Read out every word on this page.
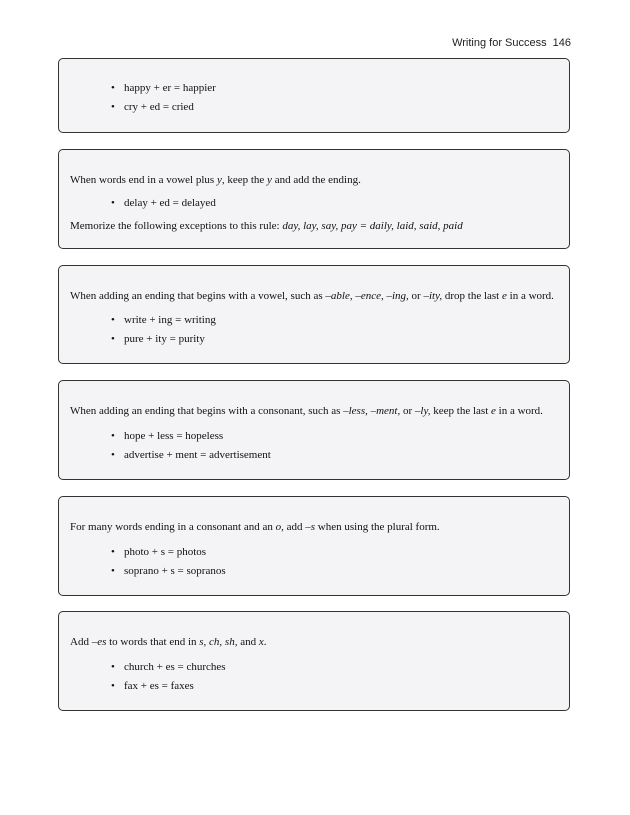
Writing for Success 146
• happy + er = happier
• cry + ed = cried

When words end in a vowel plus y, keep the y and add the ending.

• delay + ed = delayed

Memorize the following exceptions to this rule: day, lay, say, pay = daily, laid, said, paid

When adding an ending that begins with a vowel, such as –able, –ence, –ing, or –ity, drop the last e in a word.

• write + ing = writing
• pure + ity = purity

When adding an ending that begins with a consonant, such as –less, –ment, or –ly, keep the last e in a word.

• hope + less = hopeless
• advertise + ment = advertisement

For many words ending in a consonant and an o, add –s when using the plural form.

• photo + s = photos
• soprano + s = sopranos

Add –es to words that end in s, ch, sh, and x.

• church + es = churches
• fax + es = faxes
